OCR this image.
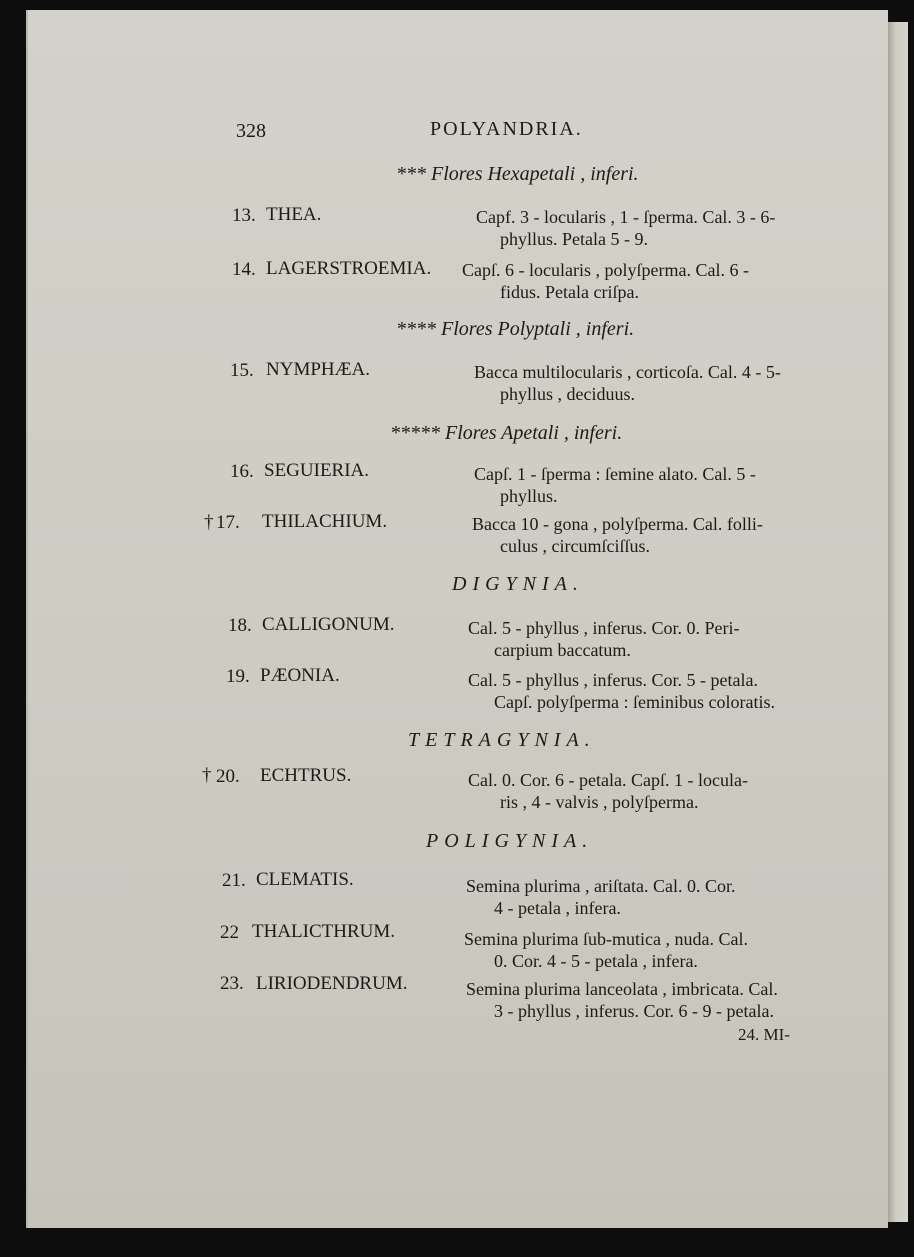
328	POLYANDRIA.
*** Flores Hexapetali , inferi.
13. THEA.	Capf. 3 - locularis , 1 - ſperma. Cal. 3 - 6-
phyllus. Petala 5 - 9.
14. LAGERSTROEMIA. Capſ. 6 - locularis , polyſperma. Cal. 6 -
fidus. Petala criſpa.
**** Flores Polyptali , inferi.
15. NYMPHÆA.	Bacca multilocularis , corticoſa. Cal. 4 - 5-
phyllus , deciduus.
***** Flores Apetali , inferi.
16. SEGUIERIA.	Capſ. 1 - ſperma : ſemine alato. Cal. 5 -
phyllus.
† 17. THILACHIUM.	Bacca 10 - gona , polyſperma. Cal. folli-
culus , circumſciſſus.
DIGYNIA.
18. CALLIGONUM.	Cal. 5 - phyllus , inferus. Cor. 0. Peri-
carpium baccatum.
19. PÆONIA.	Cal. 5 - phyllus , inferus. Cor. 5 - petala.
Capſ. polyſperma : ſeminibus coloratis.
TETRAGYNIA.
† 20. ECHTRUS.	Cal. 0. Cor. 6 - petala. Capſ. 1 - locula-
ris , 4 - valvis , polyſperma.
POLIGYNIA.
21. CLEMATIS.	Semina plurima , ariſtata. Cal. 0. Cor.
4 - petala , infera.
22 THALICTHRUM.	Semina plurima ſub-mutica , nuda. Cal.
0. Cor. 4 - 5 - petala , infera.
23. LIRIODENDRUM.	Semina plurima lanceolata , imbricata. Cal.
3 - phyllus , inferus. Cor. 6 - 9 - petala.
24. MI-
